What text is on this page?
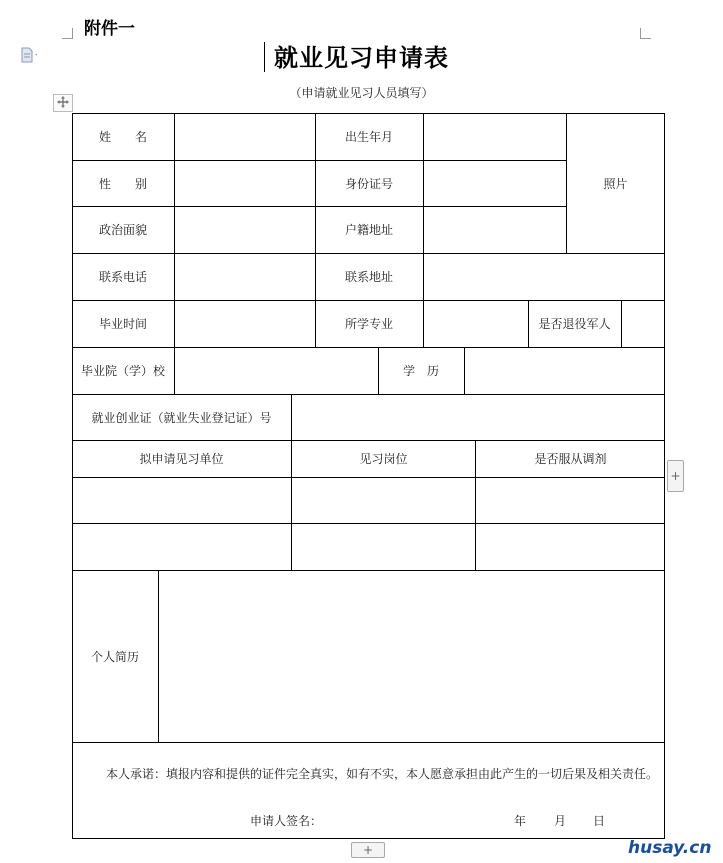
附件一
就业见习申请表
（申请就业见习人员填写）
姓　　名	出生年月
照片
性　　别	身份证号
政治面貌	户籍地址
联系电话	联系地址
毕业时间	所学专业	是否退役军人
毕业院（学）校	学　历
就业创业证（就业失业登记证）号
拟申请见习单位	见习岗位	是否服从调剂
个人简历
本人承诺：填报内容和提供的证件完全真实，如有不实，本人愿意承担由此产生的一切后果及相关责任。
申请人签名：	年 月 日
+
+	husay.cn
